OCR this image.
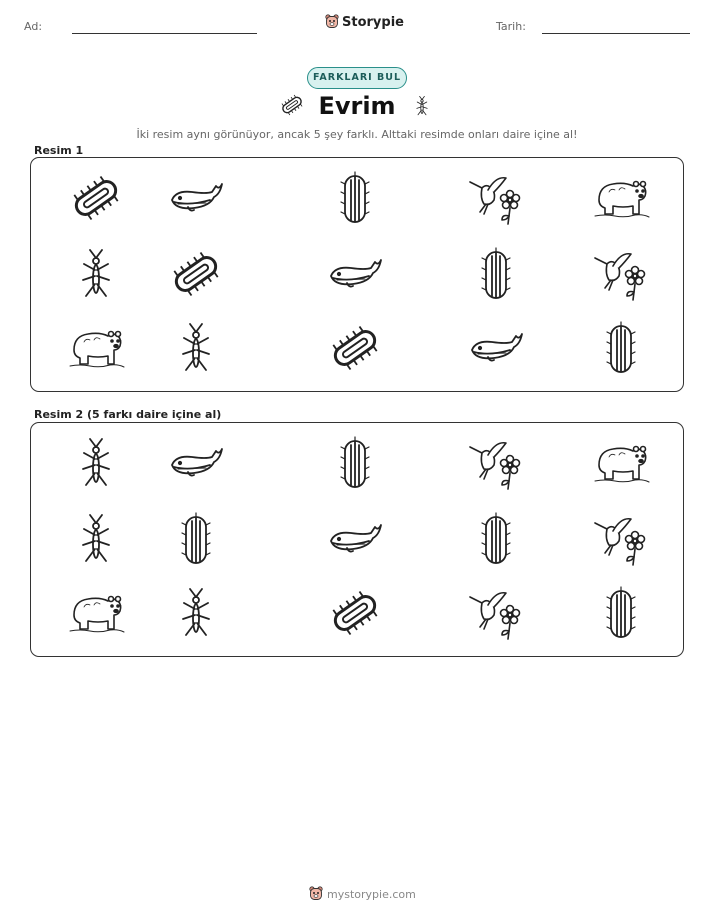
Ad:	Storypie	Tarih:
FARKLARI BUL
Evrim
İki resim aynı görünüyor, ancak 5 şey farklı. Alttaki resimde onları daire içine al!
Resim 1
Resim 2 (5 farkı daire içine al)
mystorypie.com
